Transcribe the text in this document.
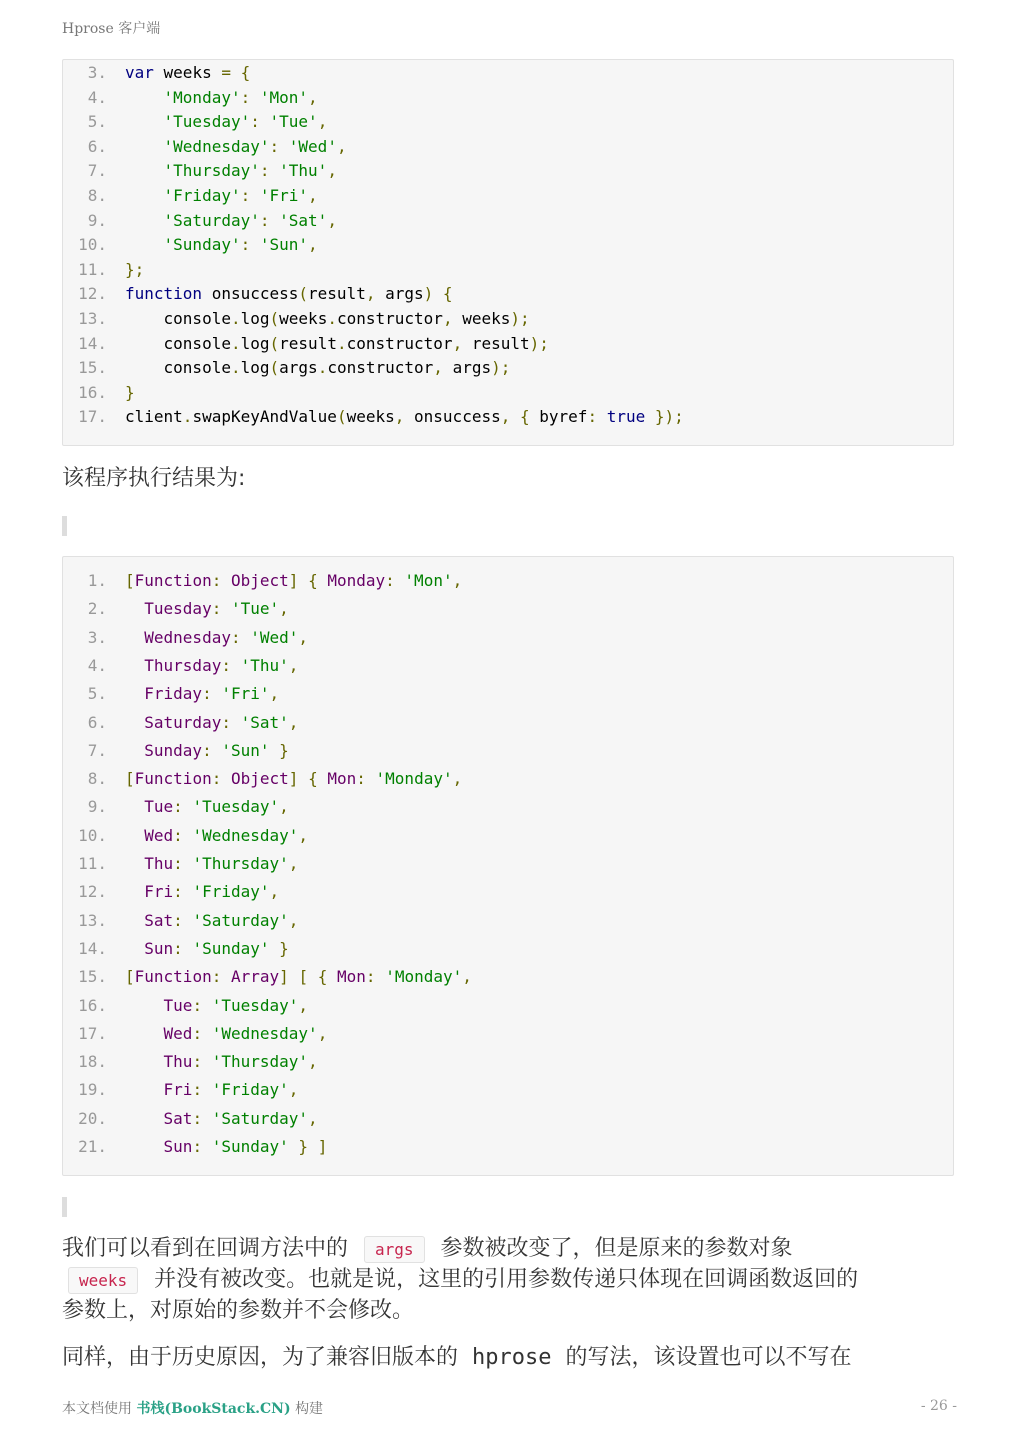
Hprose 客户端
3. var weeks = {
4.	'Monday': 'Mon',
5.	'Tuesday': 'Tue',
6.	'Wednesday': 'Wed',
7.	'Thursday': 'Thu',
8.	'Friday': 'Fri',
9.	'Saturday': 'Sat',
10.	'Sunday': 'Sun',
11. };
12. function onsuccess(result, args) {
13.    console.log(weeks.constructor, weeks);
14.    console.log(result.constructor, result);
15.    console.log(args.constructor, args);
16. }
17. client.swapKeyAndValue(weeks, onsuccess, { byref: true });
该程序执行结果为:
1. [Function: Object] { Monday: 'Mon',
2. Tuesday: 'Tue',
3. Wednesday: 'Wed',
4. Thursday: 'Thu',
5. Friday: 'Fri',
6. Saturday: 'Sat',
7. Sunday: 'Sun' }
8. [Function: Object] { Mon: 'Monday',
9. Tue: 'Tuesday',
10. Wed: 'Wednesday',
11. Thu: 'Thursday',
12. Fri: 'Friday',
13. Sat: 'Saturday',
14. Sun: 'Sunday' }
15. [Function: Array] [ { Mon: 'Monday',
16.	Tue: 'Tuesday',
17.	Wed: 'Wednesday',
18.	Thu: 'Thursday',
19.	Fri: 'Friday',
20.	Sat: 'Saturday',
21.	Sun: 'Sunday' } ]
我们可以看到在回调方法中的 args 参数被改变了，但是原来的参数对象
weeks 并没有被改变。也就是说，这里的引用参数传递只体现在回调函数返回的
参数上，对原始的参数并不会修改。
同样，由于历史原因，为了兼容旧版本的 hprose 的写法，该设置也可以不写在
本文档使用 书栈(BookStack.CN) 构建	- 26 -
